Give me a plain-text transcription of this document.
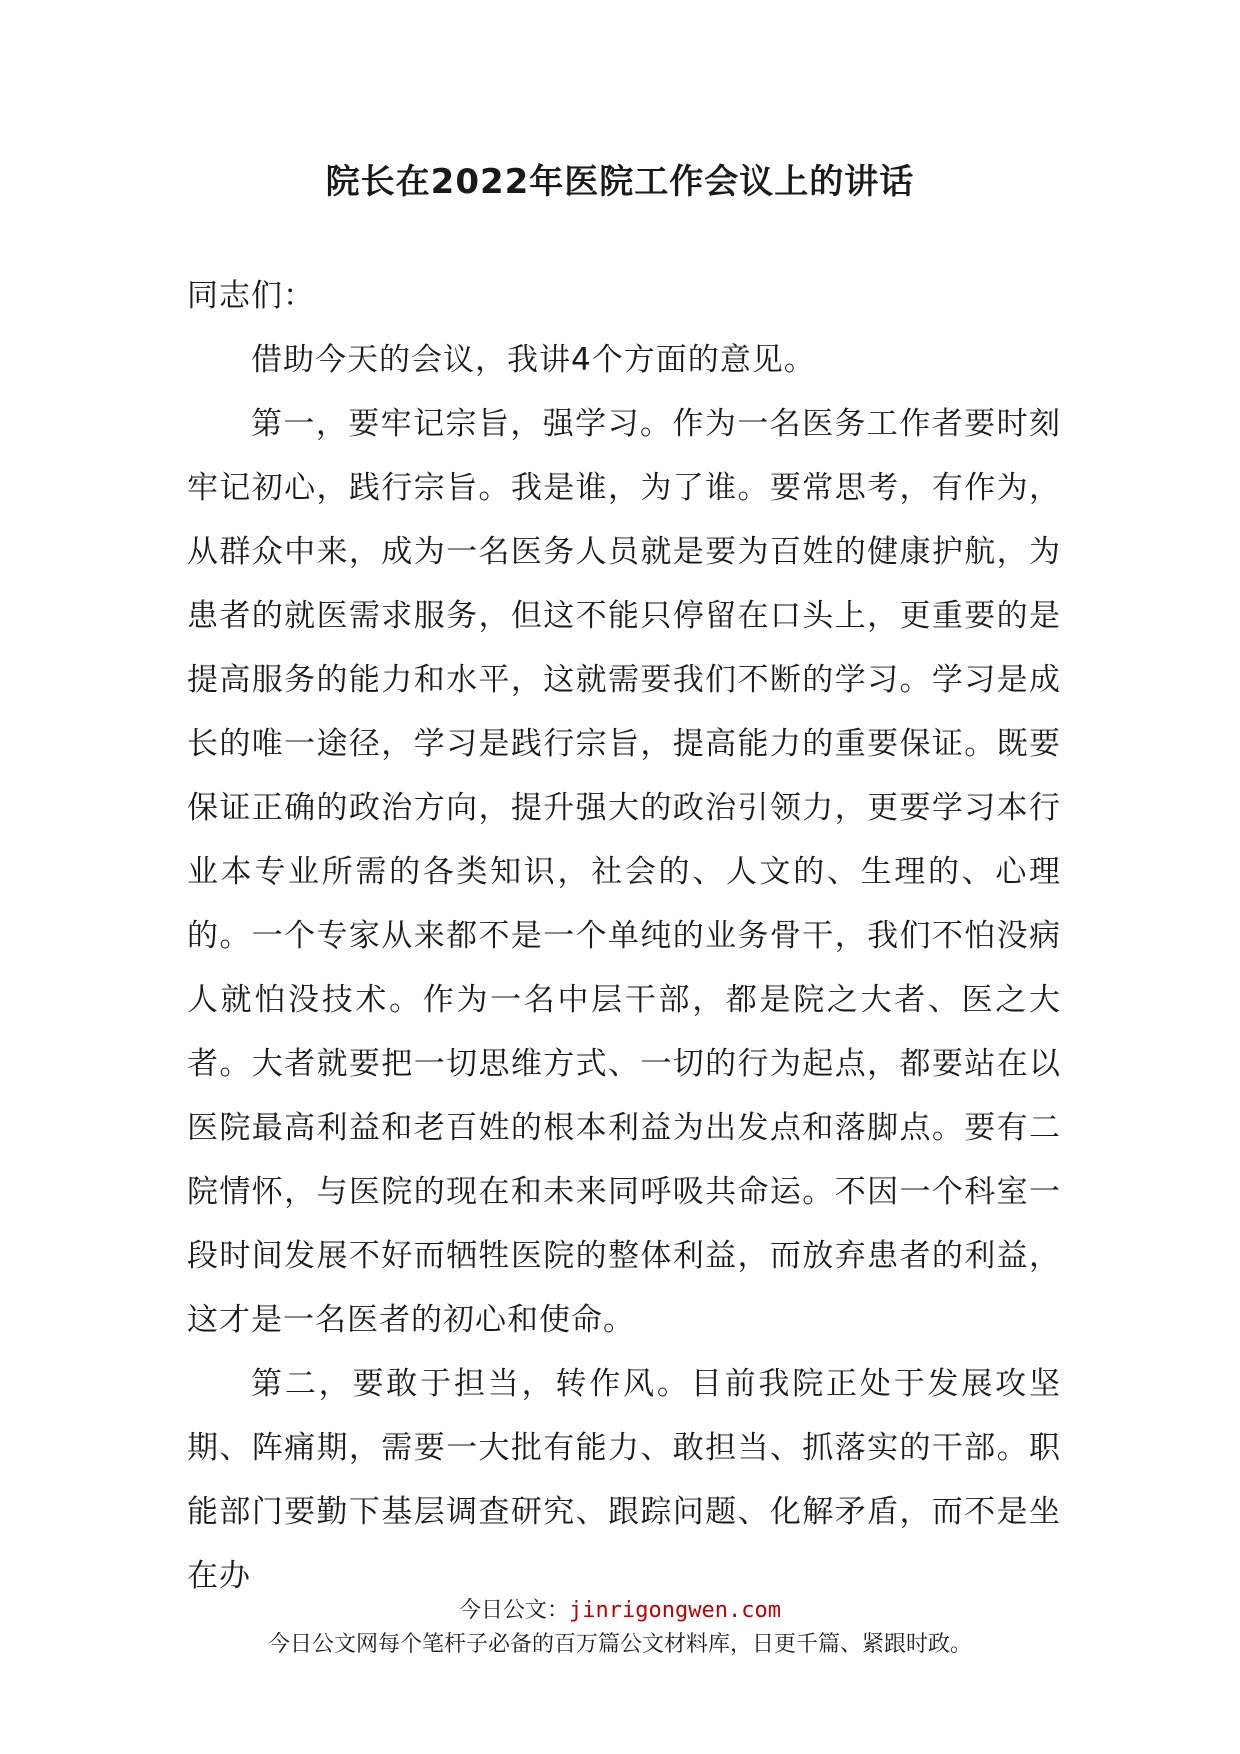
院长在2022年医院工作会议上的讲话

同志们：

借助今天的会议，我讲4个方面的意见。

第一，要牢记宗旨，强学习。作为一名医务工作者要时刻牢记初心，践行宗旨。我是谁，为了谁。要常思考，有作为，从群众中来，成为一名医务人员就是要为百姓的健康护航，为患者的就医需求服务，但这不能只停留在口头上，更重要的是提高服务的能力和水平，这就需要我们不断的学习。学习是成长的唯一途径，学习是践行宗旨，提高能力的重要保证。既要保证正确的政治方向，提升强大的政治引领力，更要学习本行业本专业所需的各类知识，社会的、人文的、生理的、心理的。一个专家从来都不是一个单纯的业务骨干，我们不怕没病人就怕没技术。作为一名中层干部，都是院之大者、医之大者。大者就要把一切思维方式、一切的行为起点，都要站在以医院最高利益和老百姓的根本利益为出发点和落脚点。要有二院情怀，与医院的现在和未来同呼吸共命运。不因一个科室一段时间发展不好而牺牲医院的整体利益，而放弃患者的利益，这才是一名医者的初心和使命。

第二，要敢于担当，转作风。目前我院正处于发展攻坚期、阵痛期，需要一大批有能力、敢担当、抓落实的干部。职能部门要勤下基层调查研究、跟踪问题、化解矛盾，而不是坐在办

今日公文：jinrigongwen.com
今日公文网每个笔杆子必备的百万篇公文材料库，日更千篇、紧跟时政。
